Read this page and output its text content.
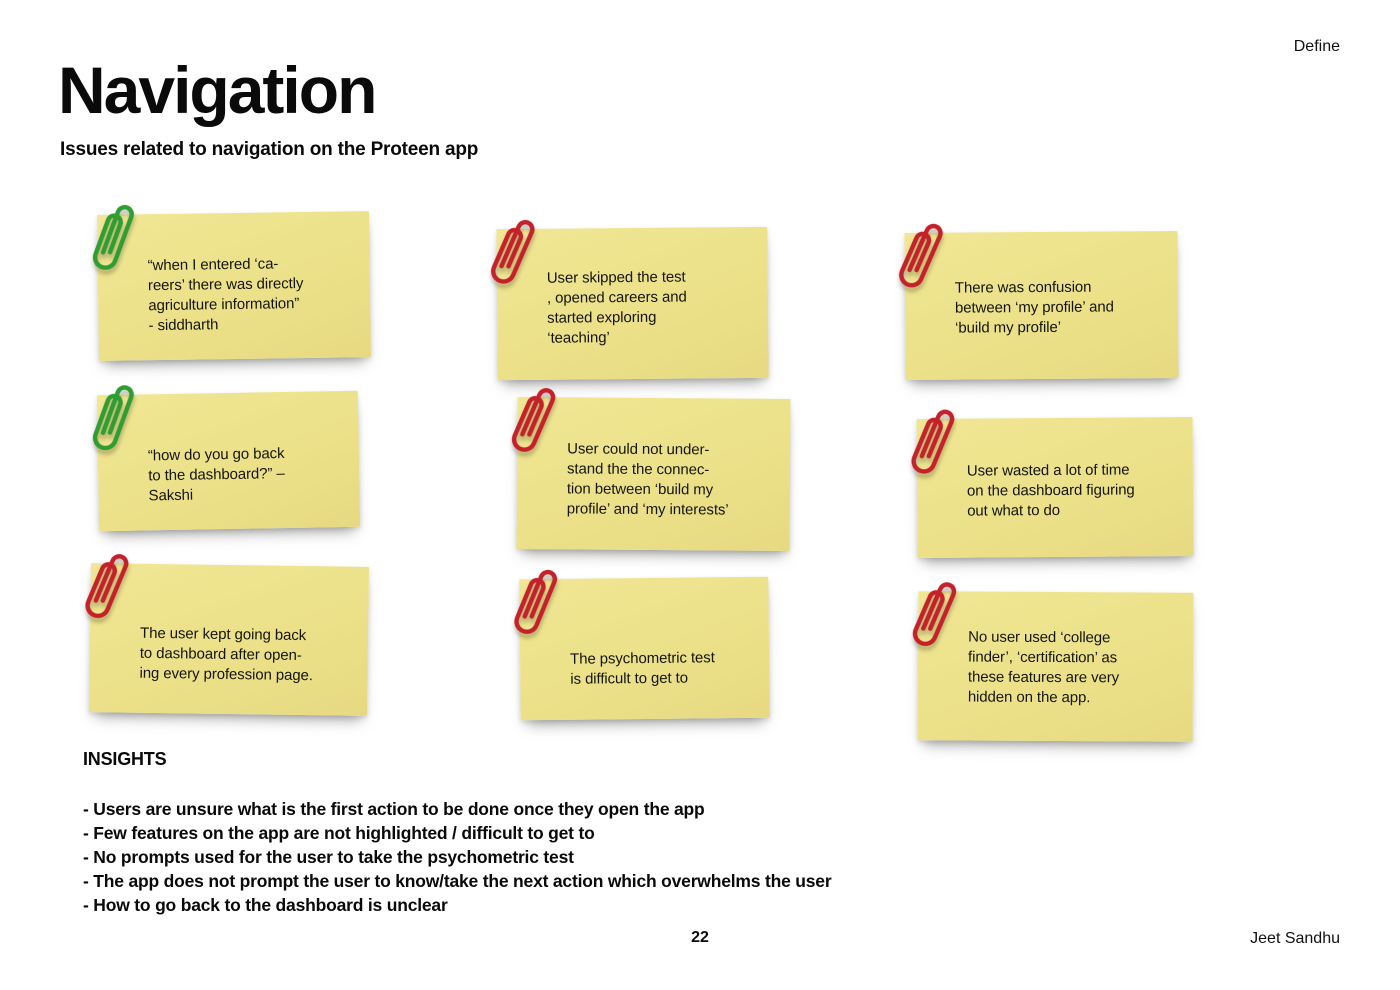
Define
Navigation
Issues related to navigation on the Proteen app
“when I entered ‘ca-
reers’ there was directly
agriculture information”
- siddharth
User skipped the test
, opened careers and
started exploring
‘teaching’
There was confusion
between ‘my profile’ and
‘build my profile’
“how do you go back
to the dashboard?” –
Sakshi
User could not under-
stand the the connec-
tion between ‘build my
profile’ and ‘my interests’
User wasted a lot of time
on the dashboard figuring
out what to do
The user kept going back
to dashboard after open-
ing every profession page.
The psychometric test
is difficult to get to
No user used ‘college
finder’, ‘certification’ as
these features are very
hidden on the app.
INSIGHTS
- Users are unsure what is the first action to be done once they open the app
- Few features on the app are not highlighted / difficult to get to
- No prompts used for the user to take the psychometric test
- The app does not prompt the user to know/take the next action which overwhelms the user
- How to go back to the dashboard is unclear
22	Jeet Sandhu
